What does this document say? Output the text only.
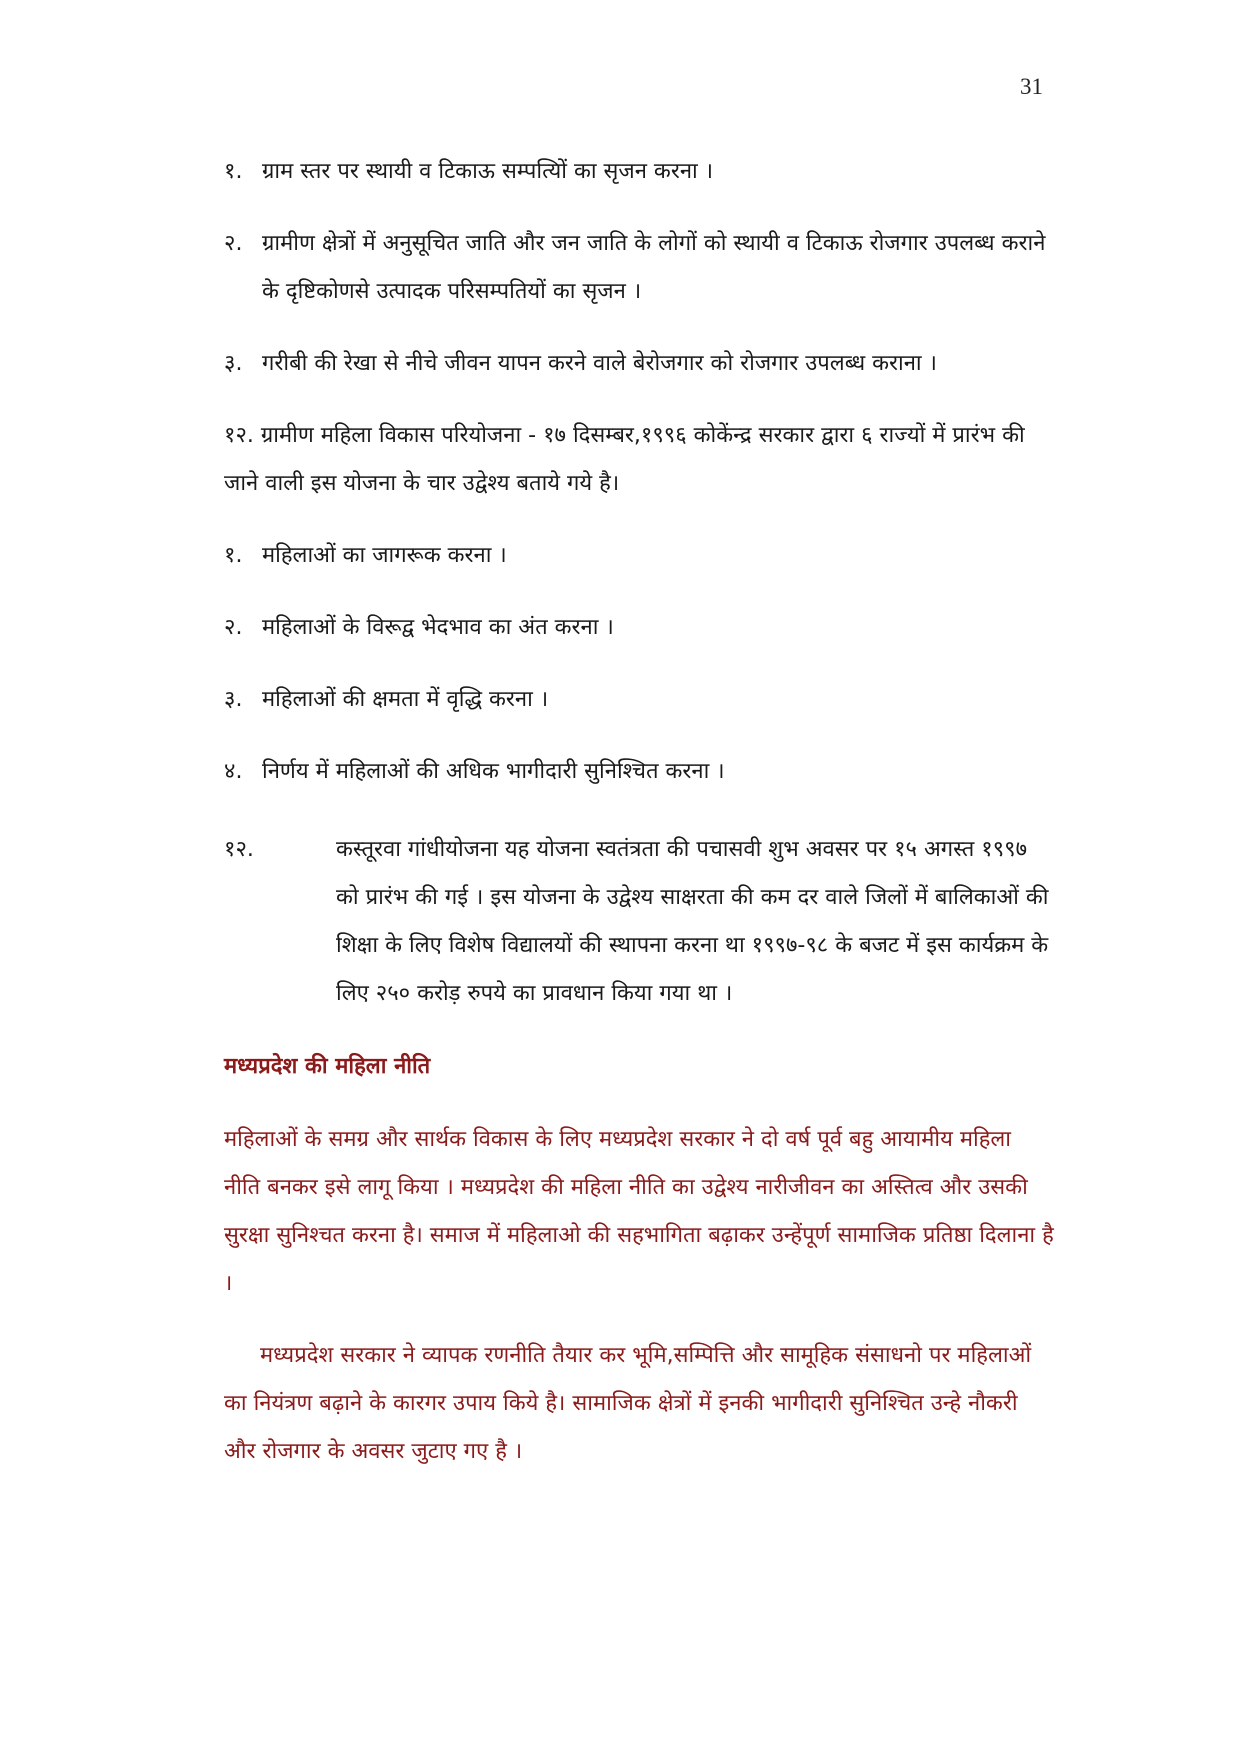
31
१. ग्राम स्तर पर स्थायी व टिकाऊ सम्पत्यिों का सृजन करना ।
२. ग्रामीण क्षेत्रों में अनुसूचित जाति और जन जाति के लोगों को स्थायी व टिकाऊ रोजगार उपलब्ध कराने के दृष्टिकोणसे उत्पादक परिसम्पतियों का सृजन ।
३. गरीबी की रेखा से नीचे जीवन यापन करने वाले बेरोजगार को रोजगार उपलब्ध कराना ।

१२. ग्रामीण महिला विकास परियोजना - १७ दिसम्बर,१९९६ कोकेंन्द्र सरकार द्वारा ६ राज्यों में प्रारंभ की जाने वाली इस योजना के चार उद्वेश्य बताये गये है।

१. महिलाओं का जागरूक करना ।
२. महिलाओं के विरूद्व भेदभाव का अंत करना ।
३. महिलाओं की क्षमता में वृद्धि करना ।
४. निर्णय में महिलाओं की अधिक भागीदारी सुनिश्चित करना ।
१२.	कस्तूरवा गांधीयोजना यह योजना स्वतंत्रता की पचासवी शुभ अवसर पर १५ अगस्त १९९७ को प्रारंभ की गई । इस योजना के उद्वेश्य साक्षरता की कम दर वाले जिलों में बालिकाओं की शिक्षा के लिए विशेष विद्यालयों की स्थापना करना था १९९७-९८ के बजट में इस कार्यक्रम के लिए २५० करोड़ रुपये का प्रावधान किया गया था ।
मध्यप्रदेश की महिला नीति

महिलाओं के समग्र और सार्थक विकास के लिए मध्यप्रदेश सरकार ने दो वर्ष पूर्व बहु आयामीय महिला नीति बनकर इसे लागू किया । मध्यप्रदेश की महिला नीति का उद्वेश्य नारीजीवन का अस्तित्व और उसकी सुरक्षा सुनिश्चत करना है। समाज में महिलाओ की सहभागिता बढ़ाकर उन्हेंपूर्ण सामाजिक प्रतिष्ठा दिलाना है ।

मध्यप्रदेश सरकार ने व्यापक रणनीति तैयार कर भूमि,सम्पित्ति और सामूहिक संसाधनो पर महिलाओं का नियंत्रण बढ़ाने के कारगर उपाय किये है। सामाजिक क्षेत्रों में इनकी भागीदारी सुनिश्चित उन्हे नौकरी और रोजगार के अवसर जुटाए गए है ।
